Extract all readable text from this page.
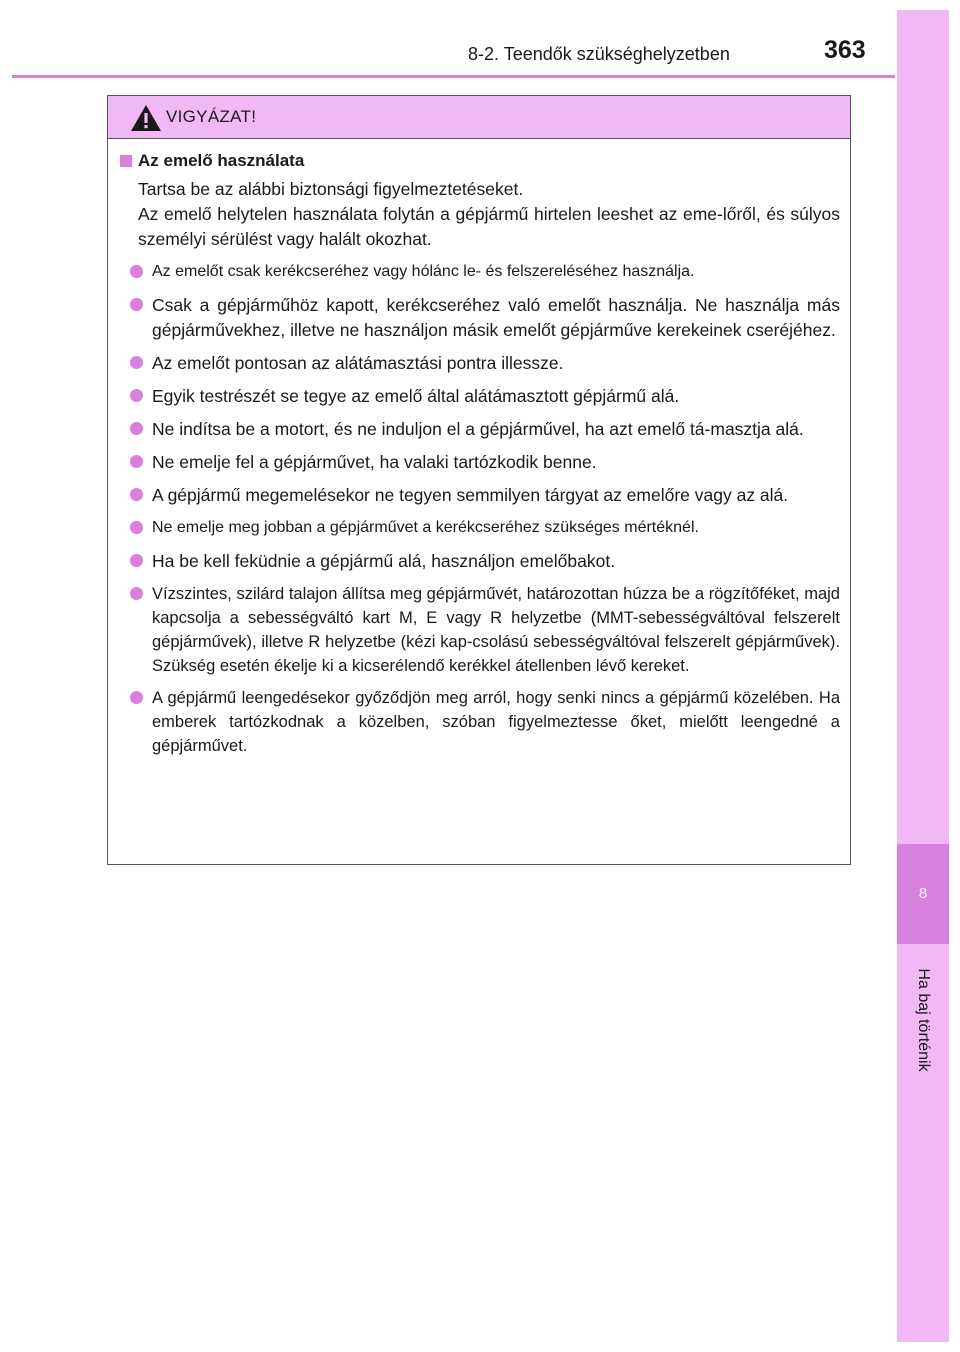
8-2. Teendők szükséghelyzetben	363
8
Ha baj történik
VIGYÁZAT!
Az emelő használata

Tartsa be az alábbi biztonsági figyelmeztetéseket.

Az emelő helytelen használata folytán a gépjármű hirtelen leeshet az eme-lőről, és súlyos személyi sérülést vagy halált okozhat.

Az emelőt csak kerékcseréhez vagy hólánc le- és felszereléséhez használja.
Csak a gépjárműhöz kapott, kerékcseréhez való emelőt használja. Ne használja más gépjárművekhez, illetve ne használjon másik emelőt gépjárműve kerekeinek cseréjéhez.
Az emelőt pontosan az alátámasztási pontra illessze.
Egyik testrészét se tegye az emelő által alátámasztott gépjármű alá.
Ne indítsa be a motort, és ne induljon el a gépjárművel, ha azt emelő tá-masztja alá.
Ne emelje fel a gépjárművet, ha valaki tartózkodik benne.
A gépjármű megemelésekor ne tegyen semmilyen tárgyat az emelőre vagy az alá.
Ne emelje meg jobban a gépjárművet a kerékcseréhez szükséges mértéknél.
Ha be kell feküdnie a gépjármű alá, használjon emelőbakot.
Vízszintes, szilárd talajon állítsa meg gépjárművét, határozottan húzza be a rögzítőféket, majd kapcsolja a sebességváltó kart M, E vagy R helyzetbe (MMT-sebességváltóval felszerelt gépjárművek), illetve R helyzetbe (kézi kap-csolású sebességváltóval felszerelt gépjárművek). Szükség esetén ékelje ki a kicserélendő kerékkel átellenben lévő kereket.
A gépjármű leengedésekor győződjön meg arról, hogy senki nincs a gépjármű közelében. Ha emberek tartózkodnak a közelben, szóban figyelmeztesse őket, mielőtt leengedné a gépjárművet.
